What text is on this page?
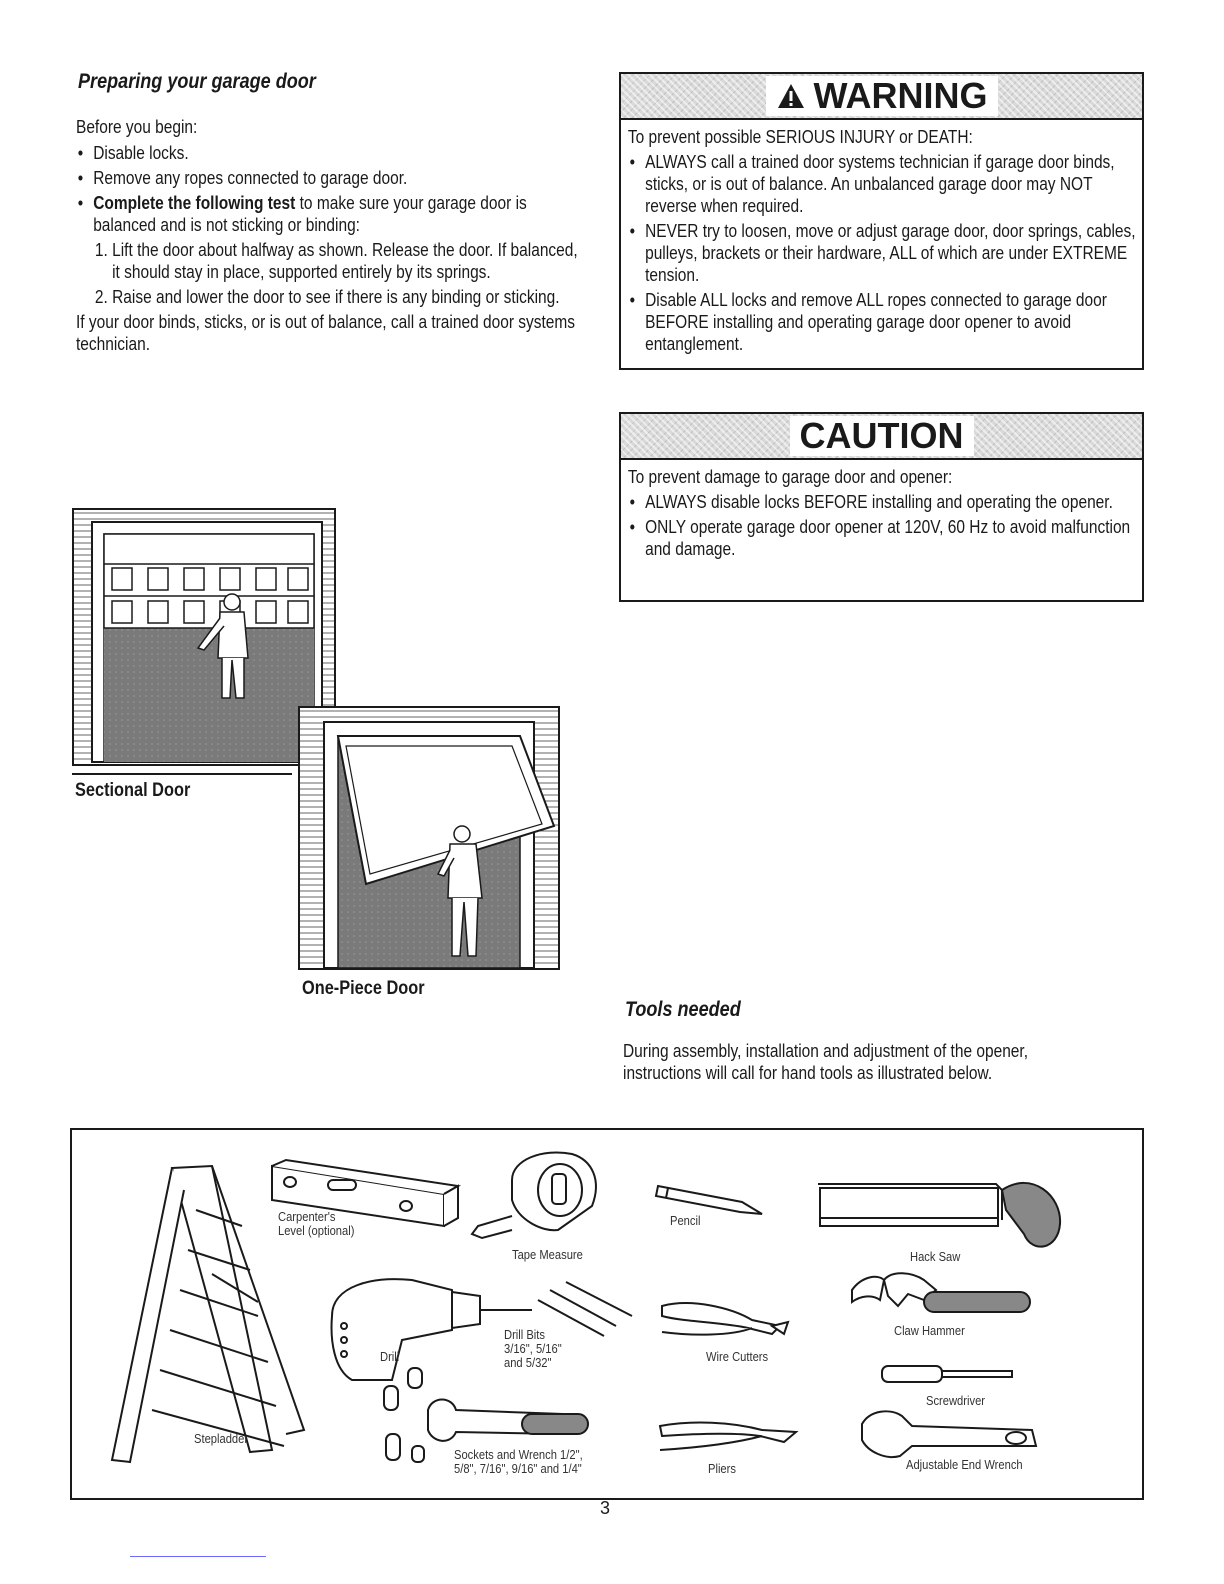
Preparing your garage door
Before you begin:
• Disable locks.
• Remove any ropes connected to garage door.
• Complete the following test to make sure your garage door is balanced and is not sticking or binding:
1. Lift the door about halfway as shown. Release the door. If balanced, it should stay in place, supported entirely by its springs.
2. Raise and lower the door to see if there is any binding or sticking.
If your door binds, sticks, or is out of balance, call a trained door systems technician.
Sectional Door
One-Piece Door
WARNING
To prevent possible SERIOUS INJURY or DEATH:
• ALWAYS call a trained door systems technician if garage door binds, sticks, or is out of balance. An unbalanced garage door may NOT reverse when required.
• NEVER try to loosen, move or adjust garage door, door springs, cables, pulleys, brackets or their hardware, ALL of which are under EXTREME tension.
• Disable ALL locks and remove ALL ropes connected to garage door BEFORE installing and operating garage door opener to avoid entanglement.
CAUTION
To prevent damage to garage door and opener:
• ALWAYS disable locks BEFORE installing and operating the opener.
• ONLY operate garage door opener at 120V, 60 Hz to avoid malfunction and damage.
Tools needed
During assembly, installation and adjustment of the opener, instructions will call for hand tools as illustrated below.
Carpenter's
Level (optional)
Tape Measure
Pencil
Hack Saw
Drill
Drill Bits
3/16", 5/16"
and 5/32"	Wire Cutters
Claw Hammer
Screwdriver
Stepladder
Sockets and Wrench 1/2",
5/8", 7/16", 9/16" and 1/4"	Pliers	Adjustable End Wrench
3
